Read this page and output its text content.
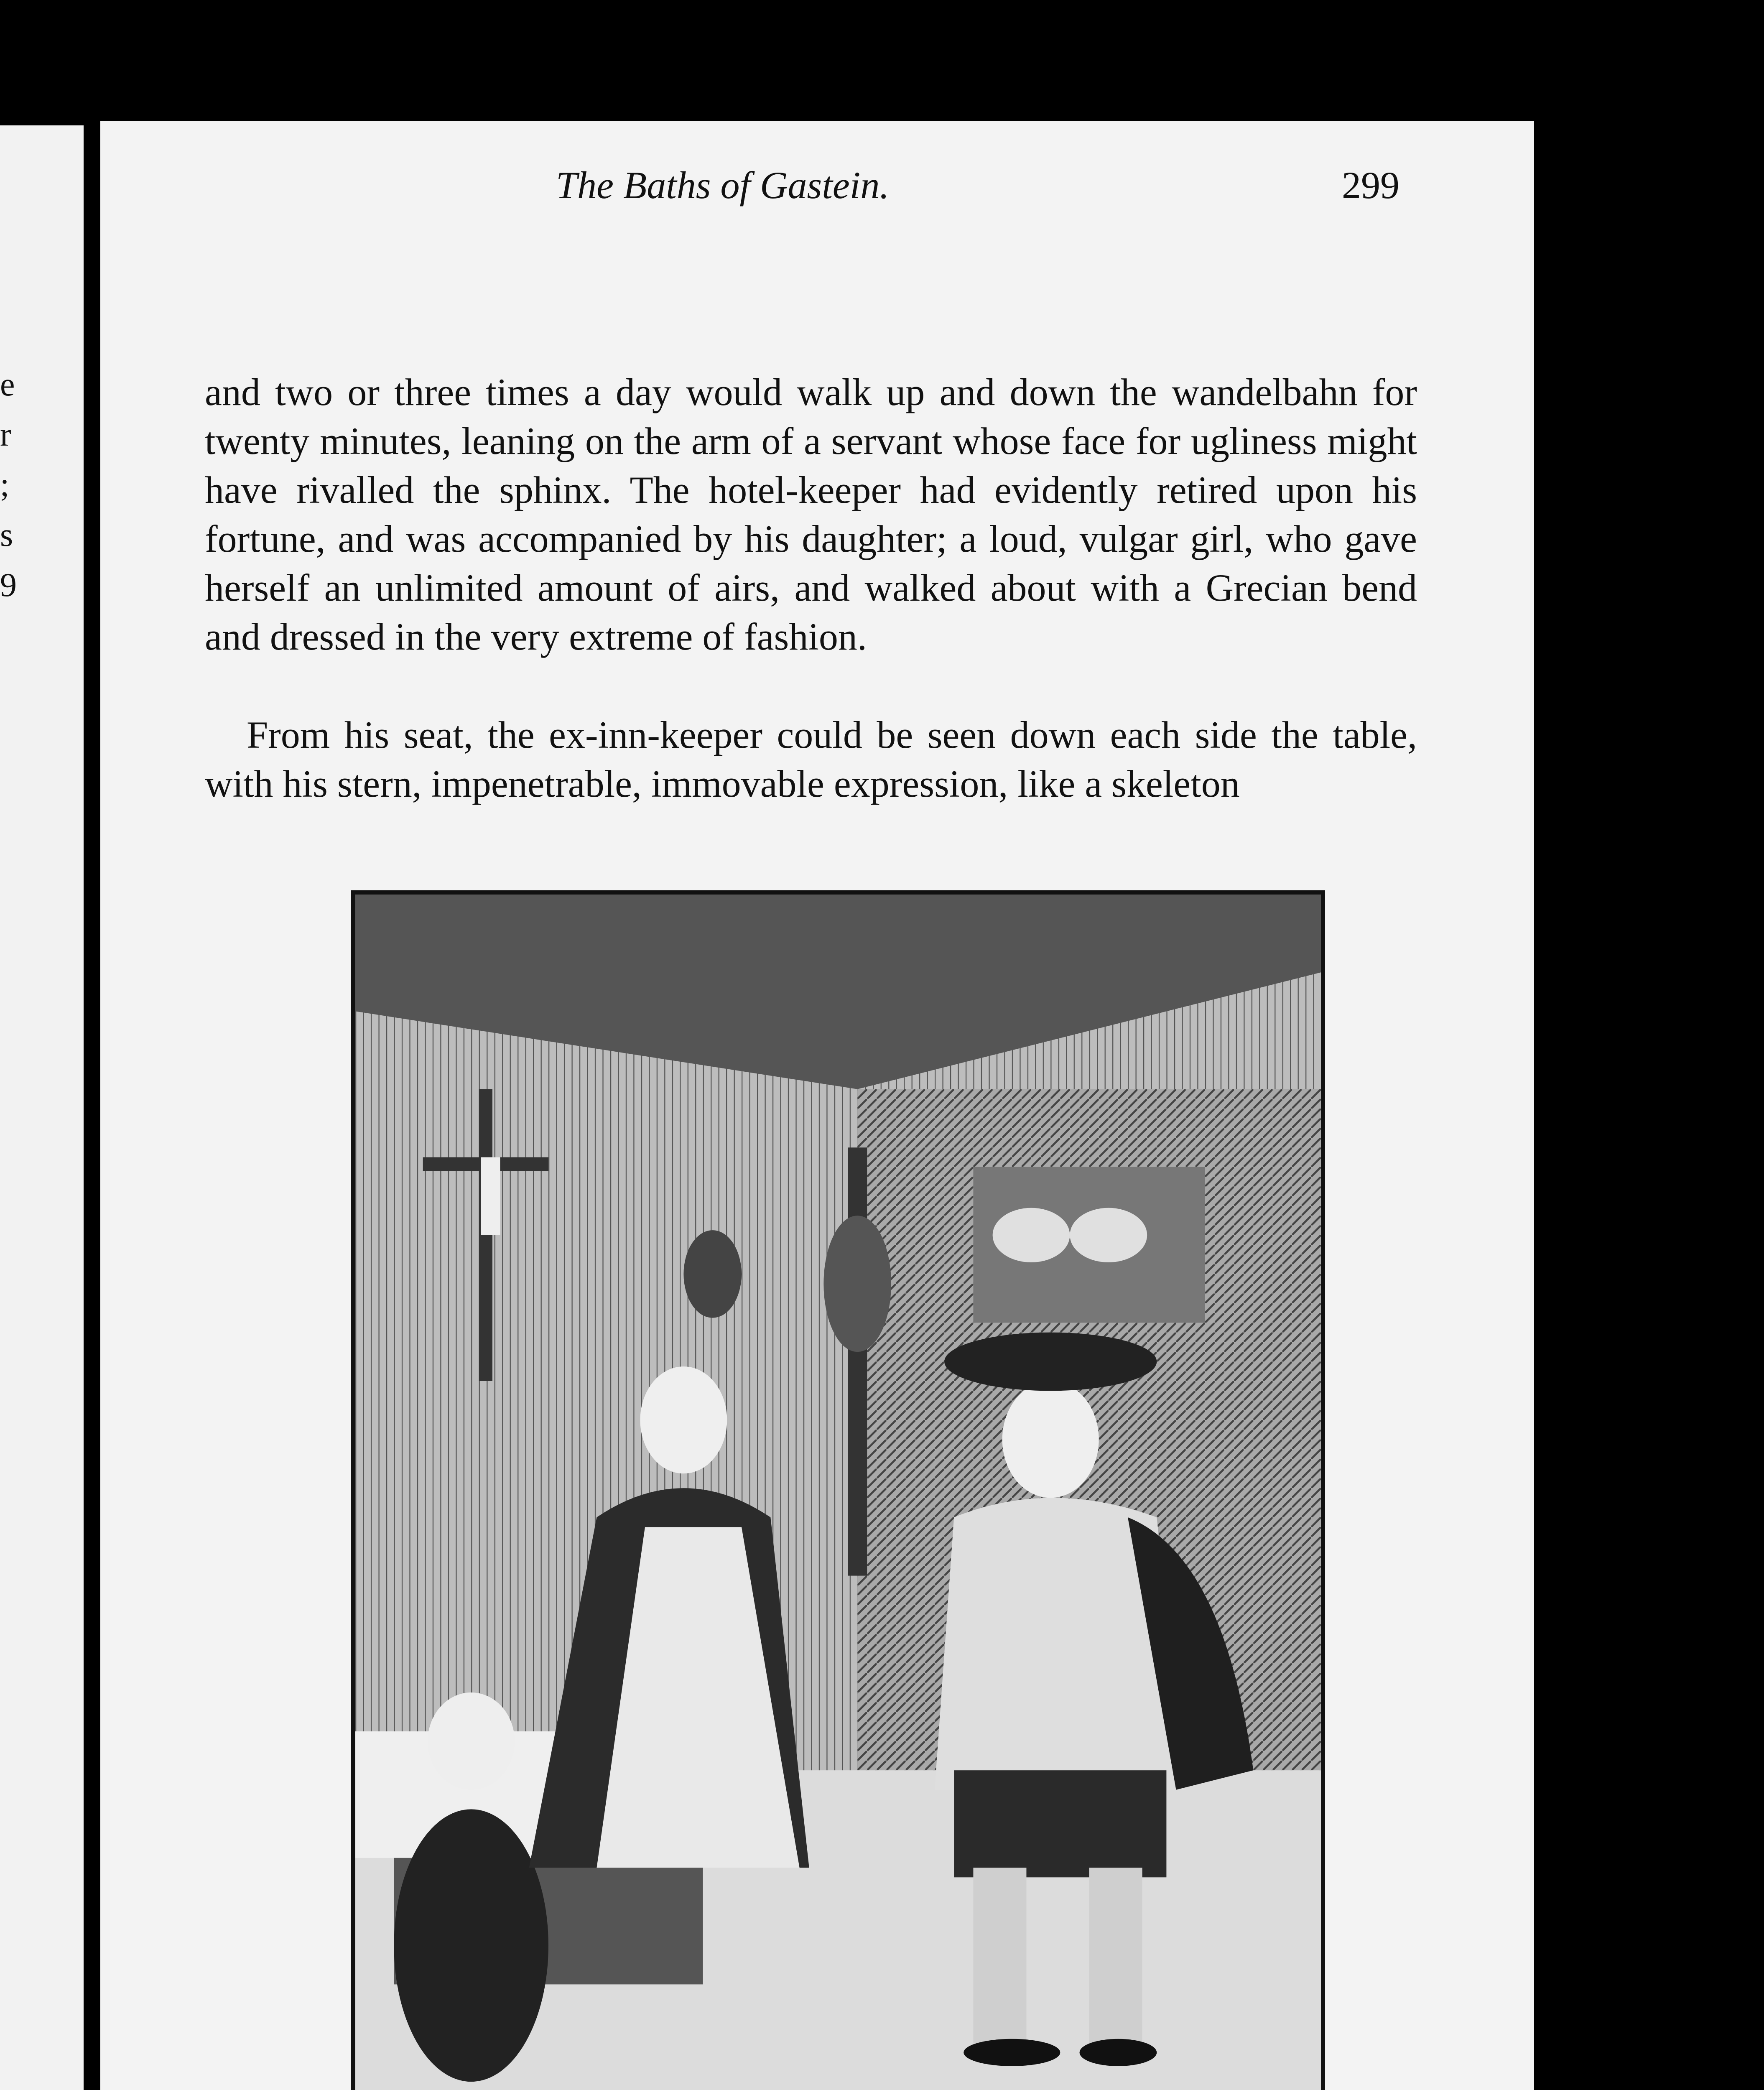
e
r
;
s
9
The Baths of Gastein.	299

and two or three times a day would walk up and down the wandelbahn for twenty minutes, leaning on the arm of a servant whose face for ugliness might have rivalled the sphinx. The hotel-keeper had evidently retired upon his fortune, and was accompanied by his daughter; a loud, vulgar girl, who gave herself an unlimited amount of airs, and walked about with a Grecian bend and dressed in the very extreme of fashion.

From his seat, the ex-inn-keeper could be seen down each side the table, with his stern, impenetrable, immovable expression, like a skeleton
